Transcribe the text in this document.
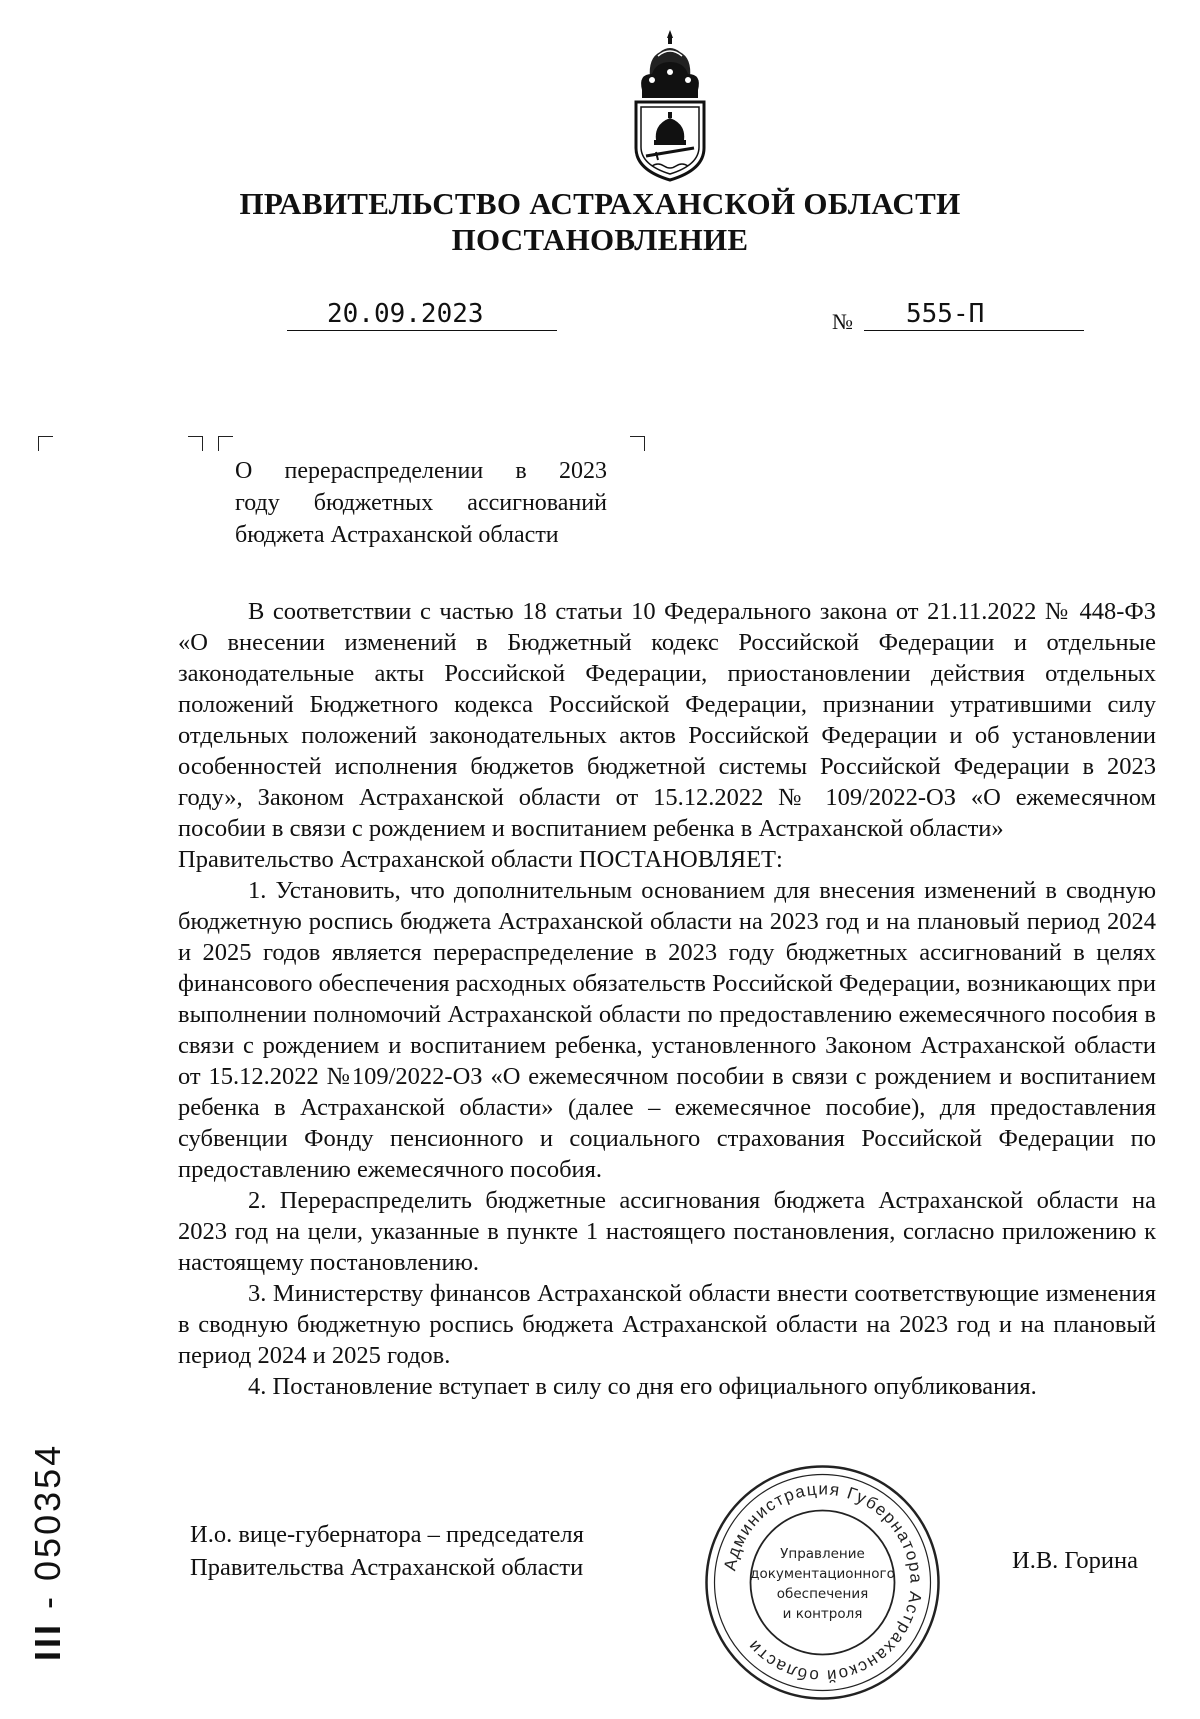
ПРАВИТЕЛЬСТВО АСТРАХАНСКОЙ ОБЛАСТИ
ПОСТАНОВЛЕНИЕ
20.09.2023	№ 555-П
О перераспределении в 2023
году бюджетных ассигнований
бюджета Астраханской области

В соответствии с частью 18 статьи 10 Федерального закона от 21.11.2022 № 448-ФЗ «О внесении изменений в Бюджетный кодекс Российской Федерации и отдельные законодательные акты Российской Федерации, приостановлении действия отдельных положений Бюджетного кодекса Российской Федерации, признании утратившими силу отдельных положений законодательных актов Российской Федерации и об установлении особенностей исполнения бюджетов бюджетной системы Российской Федерации в 2023 году», Законом Астраханской области от 15.12.2022 № 109/2022-ОЗ «О ежемесячном пособии в связи с рождением и воспитанием ребенка в Астраханской области»

Правительство Астраханской области ПОСТАНОВЛЯЕТ:

1. Установить, что дополнительным основанием для внесения изменений в сводную бюджетную роспись бюджета Астраханской области на 2023 год и на плановый период 2024 и 2025 годов является перераспределение в 2023 году бюджетных ассигнований в целях финансового обеспечения расходных обязательств Российской Федерации, возникающих при выполнении полномочий Астраханской области по предоставлению ежемесячного пособия в связи с рождением и воспитанием ребенка, установленного Законом Астраханской области от 15.12.2022 №109/2022-ОЗ «О ежемесячном пособии в связи с рождением и воспитанием ребенка в Астраханской области» (далее – ежемесячное пособие), для предоставления субвенции Фонду пенсионного и социального страхования Российской Федерации по предоставлению ежемесячного пособия.

2. Перераспределить бюджетные ассигнования бюджета Астраханской области на 2023 год на цели, указанные в пункте 1 настоящего постановления, согласно приложению к настоящему постановлению.

3. Министерству финансов Астраханской области внести соответствующие изменения в сводную бюджетную роспись бюджета Астраханской области на 2023 год и на плановый период 2024 и 2025 годов.

4. Постановление вступает в силу со дня его официального опубликования.

И.о. вице-губернатора – председателя
Правительства Астраханской области	И.В. Горина
Администрация Губернатора Астраханской области
Управление
документационного
обеспечения
и контроля
III - 050354
